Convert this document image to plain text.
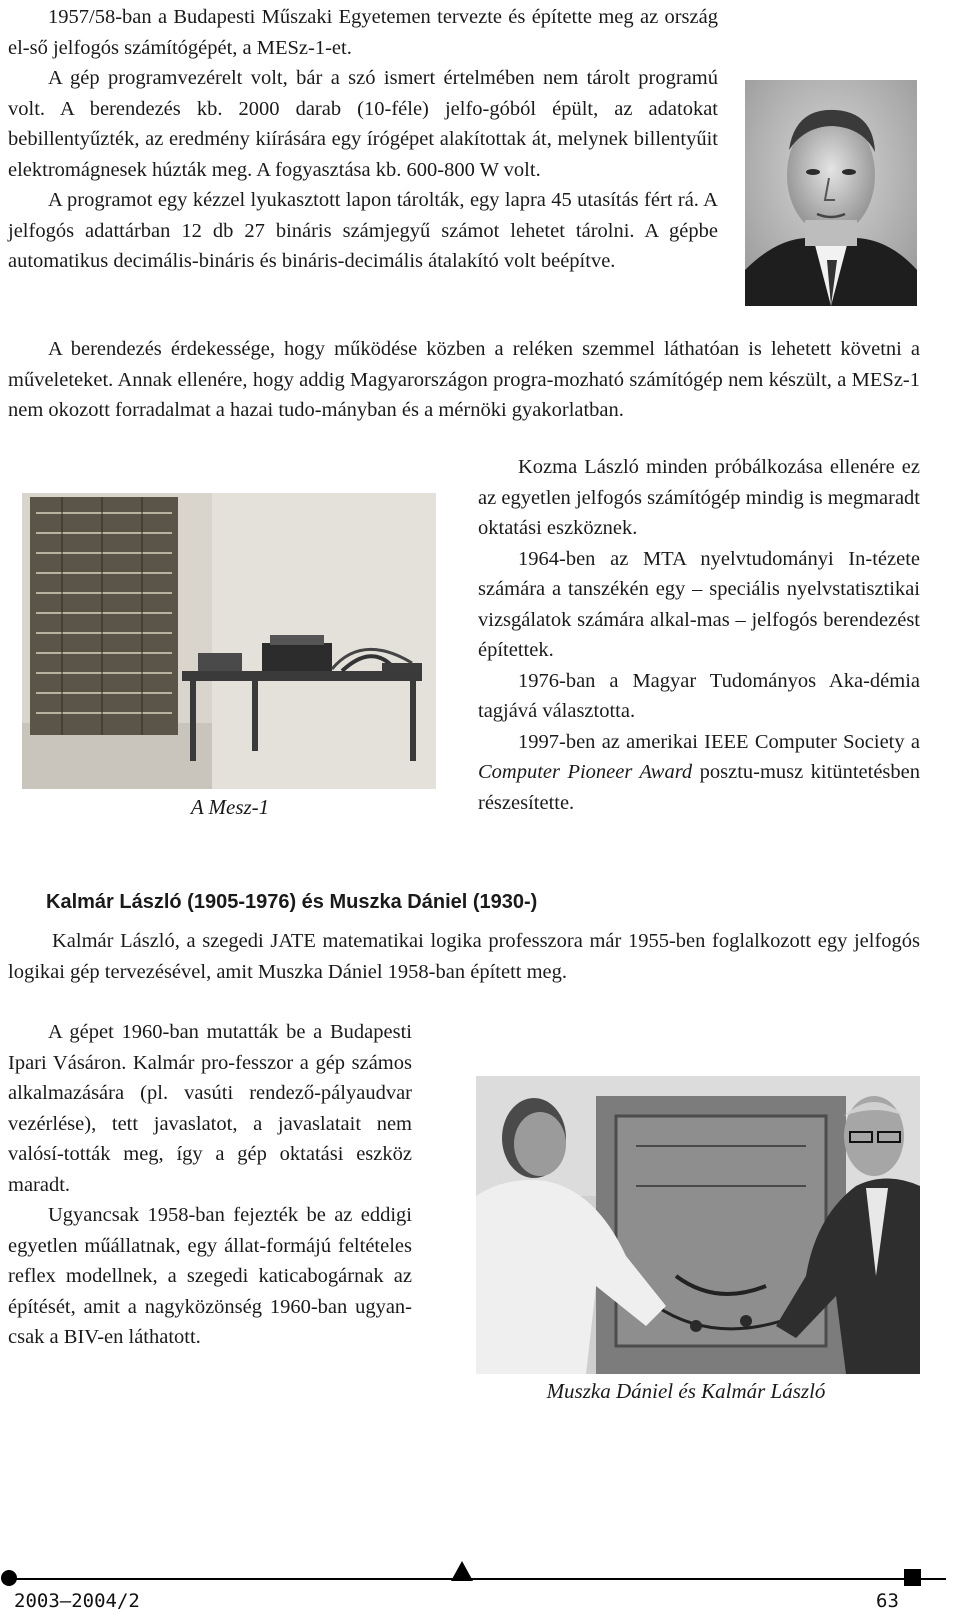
1957/58-ban a Budapesti Műszaki Egyetemen tervezte és építette meg az ország el-ső jelfogós számítógépét, a MESz-1-et.

A gép programvezérelt volt, bár a szó ismert értelmében nem tárolt programú volt. A berendezés kb. 2000 darab (10-féle) jelfo-góból épült, az adatokat bebillentyűzték, az eredmény kiírására egy írógépet alakítottak át, melynek billentyűit elektromágnesek húzták meg. A fogyasztása kb. 600-800 W volt.

A programot egy kézzel lyukasztott lapon tárolták, egy lapra 45 utasítás fért rá. A jelfogós adattárban 12 db 27 bináris számjegyű számot lehetet tárolni. A gépbe automatikus decimális-bináris és bináris-decimális átalakító volt beépítve.

A berendezés érdekessége, hogy működése közben a reléken szemmel láthatóan is lehetett követni a műveleteket. Annak ellenére, hogy addig Magyarországon progra-mozható számítógép nem készült, a MESz-1 nem okozott forradalmat a hazai tudo-mányban és a mérnöki gyakorlatban.

A Mesz-1

Kozma László minden próbálkozása ellenére ez az egyetlen jelfogós számítógép mindig is megmaradt oktatási eszköznek.

1964-ben az MTA nyelvtudományi In-tézete számára a tanszékén egy – speciális nyelvstatisztikai vizsgálatok számára alkal-mas – jelfogós berendezést építettek.

1976-ban a Magyar Tudományos Aka-démia tagjává választotta.

1997-ben az amerikai IEEE Computer Society a Computer Pioneer Award posztu-musz kitüntetésben részesítette.

Kalmár László (1905-1976) és Muszka Dániel (1930-)

Kalmár László, a szegedi JATE matematikai logika professzora már 1955-ben foglalkozott egy jelfogós logikai gép tervezésével, amit Muszka Dániel 1958-ban épített meg.

A gépet 1960-ban mutatták be a Budapesti Ipari Vásáron. Kalmár pro-fesszor a gép számos alkalmazására (pl. vasúti rendező-pályaudvar vezérlése), tett javaslatot, a javaslatait nem valósí-tották meg, így a gép oktatási eszköz maradt.

Ugyancsak 1958-ban fejezték be az eddigi egyetlen műállatnak, egy állat-formájú feltételes reflex modellnek, a szegedi katicabogárnak az építését, amit a nagyközönség 1960-ban ugyan-csak a BIV-en láthatott.

Muszka Dániel és Kalmár László
2003–2004/2	63
